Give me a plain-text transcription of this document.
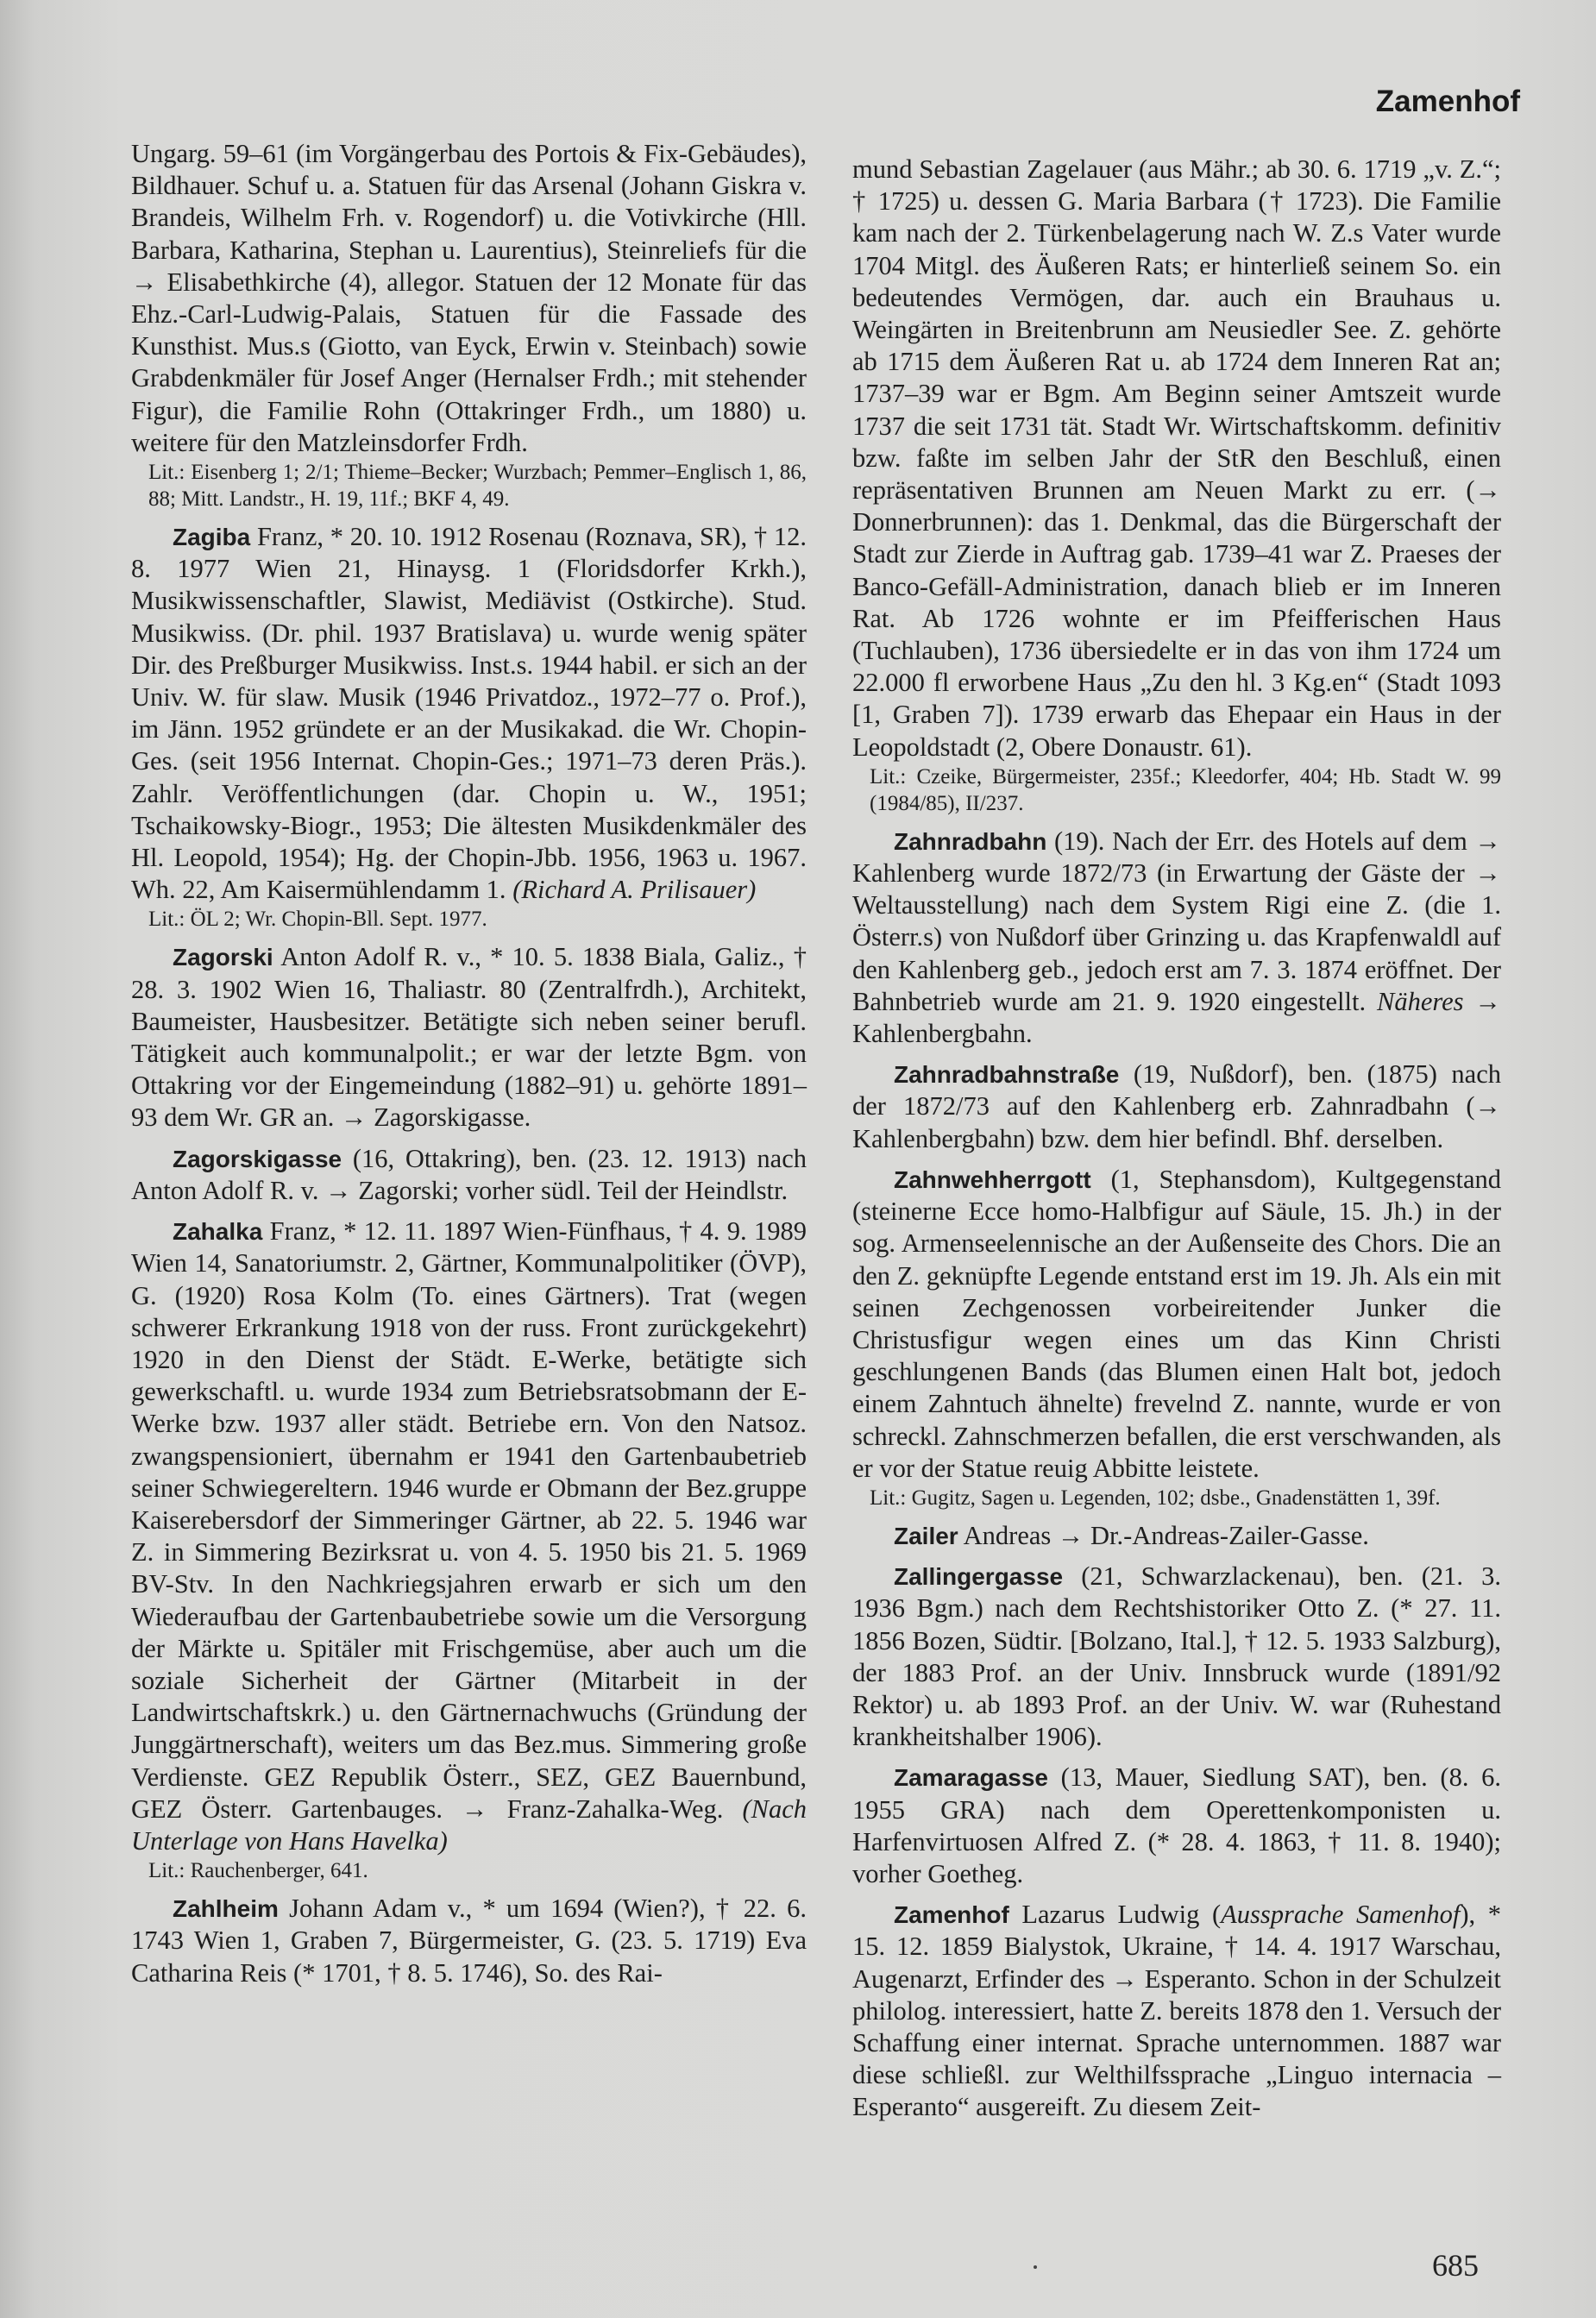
Zamenhof

Ungarg. 59–61 (im Vorgängerbau des Portois & Fix-Gebäudes), Bildhauer. Schuf u. a. Statuen für das Arsenal (Johann Giskra v. Brandeis, Wilhelm Frh. v. Rogendorf) u. die Votivkirche (Hll. Barbara, Katharina, Stephan u. Laurentius), Steinreliefs für die → Elisabethkirche (4), allegor. Statuen der 12 Monate für das Ehz.-Carl-Ludwig-Palais, Statuen für die Fassade des Kunsthist. Mus.s (Giotto, van Eyck, Erwin v. Steinbach) sowie Grabdenkmäler für Josef Anger (Hernalser Frdh.; mit stehender Figur), die Familie Rohn (Ottakringer Frdh., um 1880) u. weitere für den Matzleinsdorfer Frdh.

Lit.: Eisenberg 1; 2/1; Thieme–Becker; Wurzbach; Pemmer–Englisch 1, 86, 88; Mitt. Landstr., H. 19, 11f.; BKF 4, 49.

Zagiba Franz, * 20. 10. 1912 Rosenau (Roznava, SR), † 12. 8. 1977 Wien 21, Hinaysg. 1 (Floridsdorfer Krkh.), Musikwissenschaftler, Slawist, Mediävist (Ostkirche). Stud. Musikwiss. (Dr. phil. 1937 Bratislava) u. wurde wenig später Dir. des Preßburger Musikwiss. Inst.s. 1944 habil. er sich an der Univ. W. für slaw. Musik (1946 Privatdoz., 1972–77 o. Prof.), im Jänn. 1952 gründete er an der Musikakad. die Wr. Chopin-Ges. (seit 1956 Internat. Chopin-Ges.; 1971–73 deren Präs.). Zahlr. Veröffentlichungen (dar. Chopin u. W., 1951; Tschaikowsky-Biogr., 1953; Die ältesten Musikdenkmäler des Hl. Leopold, 1954); Hg. der Chopin-Jbb. 1956, 1963 u. 1967. Wh. 22, Am Kaisermühlendamm 1. (Richard A. Prilisauer)

Lit.: ÖL 2; Wr. Chopin-Bll. Sept. 1977.

Zagorski Anton Adolf R. v., * 10. 5. 1838 Biala, Galiz., † 28. 3. 1902 Wien 16, Thaliastr. 80 (Zentralfrdh.), Architekt, Baumeister, Hausbesitzer. Betätigte sich neben seiner berufl. Tätigkeit auch kommunalpolit.; er war der letzte Bgm. von Ottakring vor der Eingemeindung (1882–91) u. gehörte 1891–93 dem Wr. GR an. → Zagorskigasse.

Zagorskigasse (16, Ottakring), ben. (23. 12. 1913) nach Anton Adolf R. v. → Zagorski; vorher südl. Teil der Heindlstr.

Zahalka Franz, * 12. 11. 1897 Wien-Fünfhaus, † 4. 9. 1989 Wien 14, Sanatoriumstr. 2, Gärtner, Kommunalpolitiker (ÖVP), G. (1920) Rosa Kolm (To. eines Gärtners). Trat (wegen schwerer Erkrankung 1918 von der russ. Front zurückgekehrt) 1920 in den Dienst der Städt. E-Werke, betätigte sich gewerkschaftl. u. wurde 1934 zum Betriebsratsobmann der E-Werke bzw. 1937 aller städt. Betriebe ern. Von den Natsoz. zwangspensioniert, übernahm er 1941 den Gartenbaubetrieb seiner Schwiegereltern. 1946 wurde er Obmann der Bez.gruppe Kaiserebersdorf der Simmeringer Gärtner, ab 22. 5. 1946 war Z. in Simmering Bezirksrat u. von 4. 5. 1950 bis 21. 5. 1969 BV-Stv. In den Nachkriegsjahren erwarb er sich um den Wiederaufbau der Gartenbaubetriebe sowie um die Versorgung der Märkte u. Spitäler mit Frischgemüse, aber auch um die soziale Sicherheit der Gärtner (Mitarbeit in der Landwirtschaftskrk.) u. den Gärtnernachwuchs (Gründung der Junggärtnerschaft), weiters um das Bez.mus. Simmering große Verdienste. GEZ Republik Österr., SEZ, GEZ Bauernbund, GEZ Österr. Gartenbauges. → Franz-Zahalka-Weg. (Nach Unterlage von Hans Havelka)

Lit.: Rauchenberger, 641.

Zahlheim Johann Adam v., * um 1694 (Wien?), † 22. 6. 1743 Wien 1, Graben 7, Bürgermeister, G. (23. 5. 1719) Eva Catharina Reis (* 1701, † 8. 5. 1746), So. des Rai-

mund Sebastian Zagelauer (aus Mähr.; ab 30. 6. 1719 „v. Z.“; † 1725) u. dessen G. Maria Barbara († 1723). Die Familie kam nach der 2. Türkenbelagerung nach W. Z.s Vater wurde 1704 Mitgl. des Äußeren Rats; er hinterließ seinem So. ein bedeutendes Vermögen, dar. auch ein Brauhaus u. Weingärten in Breitenbrunn am Neusiedler See. Z. gehörte ab 1715 dem Äußeren Rat u. ab 1724 dem Inneren Rat an; 1737–39 war er Bgm. Am Beginn seiner Amtszeit wurde 1737 die seit 1731 tät. Stadt Wr. Wirtschaftskomm. definitiv bzw. faßte im selben Jahr der StR den Beschluß, einen repräsentativen Brunnen am Neuen Markt zu err. (→ Donnerbrunnen): das 1. Denkmal, das die Bürgerschaft der Stadt zur Zierde in Auftrag gab. 1739–41 war Z. Praeses der Banco-Gefäll-Administration, danach blieb er im Inneren Rat. Ab 1726 wohnte er im Pfeifferischen Haus (Tuchlauben), 1736 übersiedelte er in das von ihm 1724 um 22.000 fl erworbene Haus „Zu den hl. 3 Kg.en“ (Stadt 1093 [1, Graben 7]). 1739 erwarb das Ehepaar ein Haus in der Leopoldstadt (2, Obere Donaustr. 61).

Lit.: Czeike, Bürgermeister, 235f.; Kleedorfer, 404; Hb. Stadt W. 99 (1984/85), II/237.

Zahnradbahn (19). Nach der Err. des Hotels auf dem → Kahlenberg wurde 1872/73 (in Erwartung der Gäste der → Weltausstellung) nach dem System Rigi eine Z. (die 1. Österr.s) von Nußdorf über Grinzing u. das Krapfenwaldl auf den Kahlenberg geb., jedoch erst am 7. 3. 1874 eröffnet. Der Bahnbetrieb wurde am 21. 9. 1920 eingestellt. Näheres → Kahlenbergbahn.

Zahnradbahnstraße (19, Nußdorf), ben. (1875) nach der 1872/73 auf den Kahlenberg erb. Zahnradbahn (→ Kahlenbergbahn) bzw. dem hier befindl. Bhf. derselben.

Zahnwehherrgott (1, Stephansdom), Kultgegenstand (steinerne Ecce homo-Halbfigur auf Säule, 15. Jh.) in der sog. Armenseelennische an der Außenseite des Chors. Die an den Z. geknüpfte Legende entstand erst im 19. Jh. Als ein mit seinen Zechgenossen vorbeireitender Junker die Christusfigur wegen eines um das Kinn Christi geschlungenen Bands (das Blumen einen Halt bot, jedoch einem Zahntuch ähnelte) frevelnd Z. nannte, wurde er von schreckl. Zahnschmerzen befallen, die erst verschwanden, als er vor der Statue reuig Abbitte leistete.

Lit.: Gugitz, Sagen u. Legenden, 102; dsbe., Gnadenstätten 1, 39f.

Zailer Andreas → Dr.-Andreas-Zailer-Gasse.

Zallingergasse (21, Schwarzlackenau), ben. (21. 3. 1936 Bgm.) nach dem Rechtshistoriker Otto Z. (* 27. 11. 1856 Bozen, Südtir. [Bolzano, Ital.], † 12. 5. 1933 Salzburg), der 1883 Prof. an der Univ. Innsbruck wurde (1891/92 Rektor) u. ab 1893 Prof. an der Univ. W. war (Ruhestand krankheitshalber 1906).

Zamaragasse (13, Mauer, Siedlung SAT), ben. (8. 6. 1955 GRA) nach dem Operettenkomponisten u. Harfenvirtuosen Alfred Z. (* 28. 4. 1863, † 11. 8. 1940); vorher Goetheg.

Zamenhof Lazarus Ludwig (Aussprache Samenhof), * 15. 12. 1859 Bialystok, Ukraine, † 14. 4. 1917 Warschau, Augenarzt, Erfinder des → Esperanto. Schon in der Schulzeit philolog. interessiert, hatte Z. bereits 1878 den 1. Versuch der Schaffung einer internat. Sprache unternommen. 1887 war diese schließl. zur Welthilfssprache „Linguo internacia – Esperanto“ ausgereift. Zu diesem Zeit-

685
